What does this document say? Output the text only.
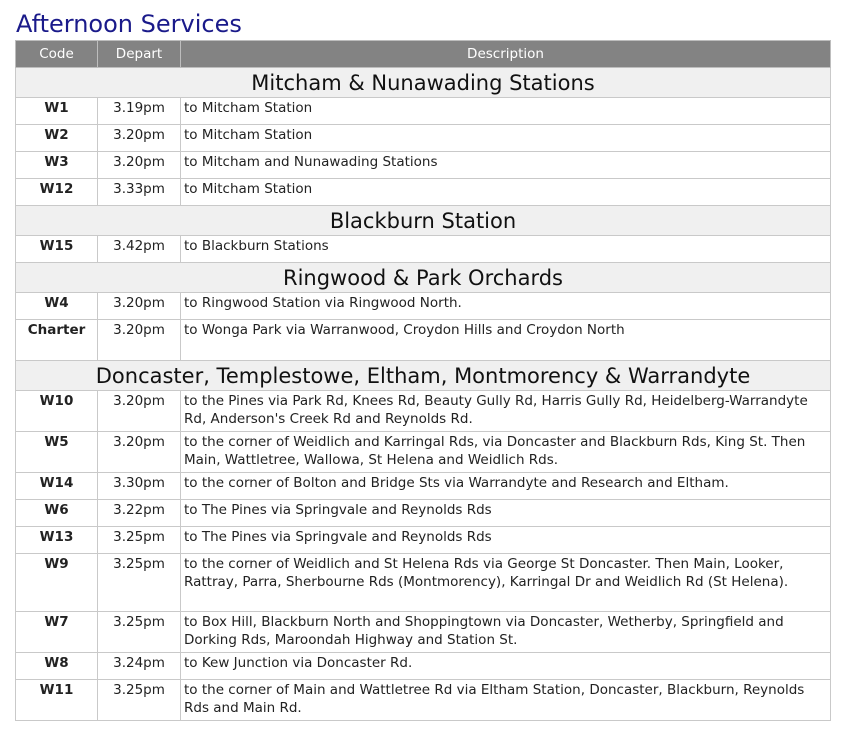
Afternoon Services
Code	Depart	Description
Mitcham & Nunawading Stations		
W1	3.19pm	to Mitcham Station
W2	3.20pm	to Mitcham Station
W3	3.20pm	to Mitcham and Nunawading Stations
W12	3.33pm	to Mitcham Station
Blackburn Station		
W15	3.42pm	to Blackburn Stations
Ringwood & Park Orchards		
W4	3.20pm	to Ringwood Station via Ringwood North.
Charter	3.20pm	to Wonga Park via Warranwood, Croydon Hills and Croydon North
Doncaster, Templestowe, Eltham, Montmorency & Warrandyte		
W10	3.20pm	to the Pines via Park Rd, Knees Rd, Beauty Gully Rd, Harris Gully Rd, Heidelberg-Warrandyte Rd, Anderson's Creek Rd and Reynolds Rd.
W5	3.20pm	to the corner of Weidlich and Karringal Rds, via Doncaster and Blackburn Rds, King St. Then Main, Wattletree, Wallowa, St Helena and Weidlich Rds.
W14	3.30pm	to the corner of Bolton and Bridge Sts via Warrandyte and Research and Eltham.
W6	3.22pm	to The Pines via Springvale and Reynolds Rds
W13	3.25pm	to The Pines via Springvale and Reynolds Rds
W9	3.25pm	to the corner of Weidlich and St Helena Rds via George St Doncaster. Then Main, Looker, Rattray, Parra, Sherbourne Rds (Montmorency), Karringal Dr and Weidlich Rd (St Helena).
W7	3.25pm	to Box Hill, Blackburn North and Shoppingtown via Doncaster, Wetherby, Springfield and Dorking Rds, Maroondah Highway and Station St.
W8	3.24pm	to Kew Junction via Doncaster Rd.
W11	3.25pm	to the corner of Main and Wattletree Rd via Eltham Station, Doncaster, Blackburn, Reynolds Rds and Main Rd.
